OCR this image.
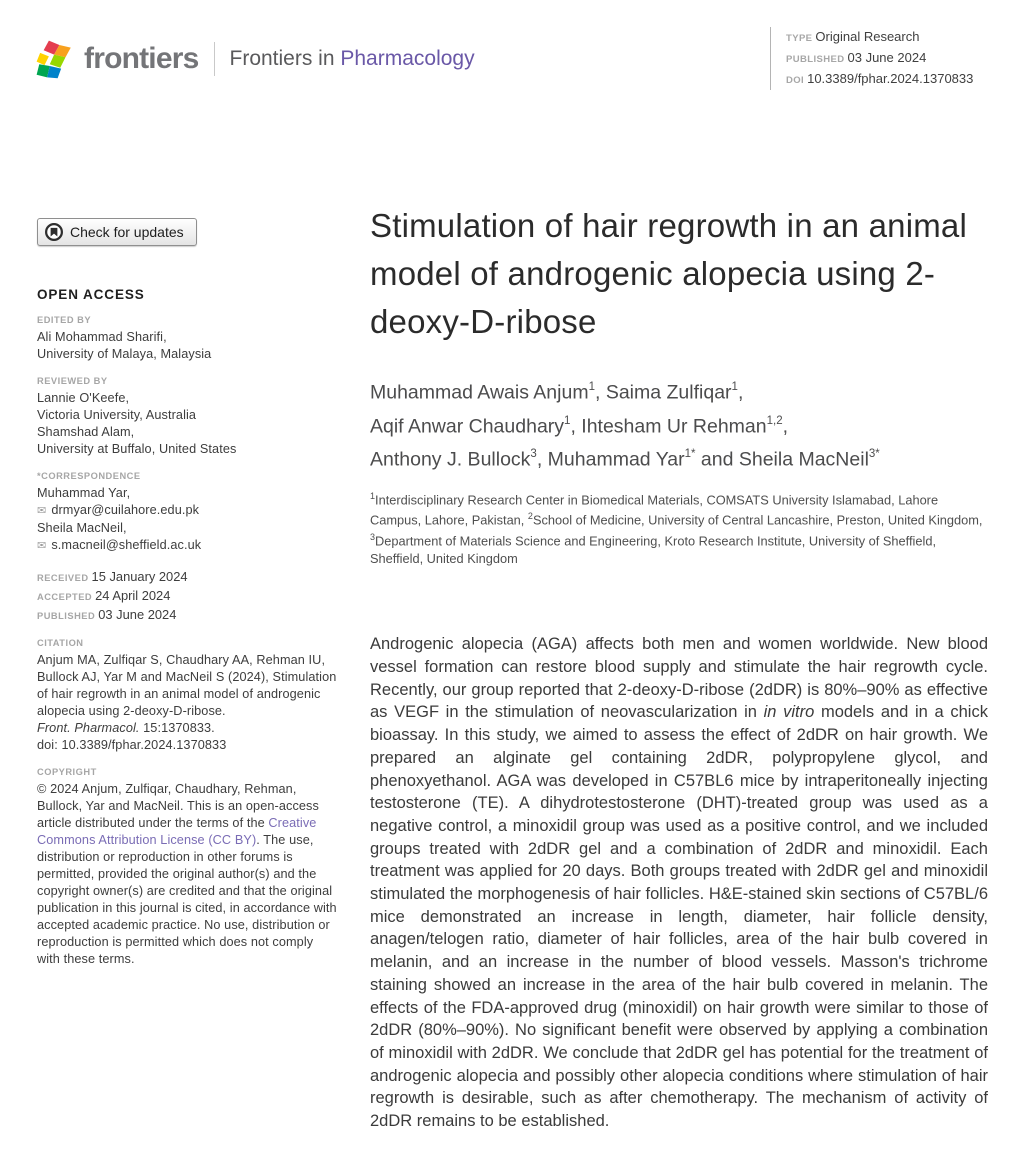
frontiers Frontiers in Pharmacology
TYPE Original Research
PUBLISHED 03 June 2024
DOI 10.3389/fphar.2024.1370833
Check for updates
OPEN ACCESS
EDITED BY
Ali Mohammad Sharifi,
University of Malaya, Malaysia
REVIEWED BY
Lannie O'Keefe,
Victoria University, Australia
Shamshad Alam,
University at Buffalo, United States
*CORRESPONDENCE
Muhammad Yar,
✉ drmyar@cuilahore.edu.pk
Sheila MacNeil,
✉ s.macneil@sheffield.ac.uk
RECEIVED 15 January 2024
ACCEPTED 24 April 2024
PUBLISHED 03 June 2024
CITATION
Anjum MA, Zulfiqar S, Chaudhary AA, Rehman IU, Bullock AJ, Yar M and MacNeil S (2024), Stimulation of hair regrowth in an animal model of androgenic alopecia using 2-deoxy-D-ribose.
Front. Pharmacol. 15:1370833.
doi: 10.3389/fphar.2024.1370833
COPYRIGHT
© 2024 Anjum, Zulfiqar, Chaudhary, Rehman, Bullock, Yar and MacNeil. This is an open-access article distributed under the terms of the Creative Commons Attribution License (CC BY). The use, distribution or reproduction in other forums is permitted, provided the original author(s) and the copyright owner(s) are credited and that the original publication in this journal is cited, in accordance with accepted academic practice. No use, distribution or reproduction is permitted which does not comply with these terms.
Stimulation of hair regrowth in an animal model of androgenic alopecia using 2-deoxy-D-ribose
Muhammad Awais Anjum$^1$, Saima Zulfiqar$^1$,
Aqif Anwar Chaudhary$^1$, Ihtesham Ur Rehman$^{1,2}$,
Anthony J. Bullock$^3$, Muhammad Yar$^{1*}$ and Sheila MacNeil$^{3*}$

$^1$Interdisciplinary Research Center in Biomedical Materials, COMSATS University Islamabad, Lahore Campus, Lahore, Pakistan, $^2$School of Medicine, University of Central Lancashire, Preston, United Kingdom, $^3$Department of Materials Science and Engineering, Kroto Research Institute, University of Sheffield, Sheffield, United Kingdom

Androgenic alopecia (AGA) affects both men and women worldwide. New blood vessel formation can restore blood supply and stimulate the hair regrowth cycle. Recently, our group reported that 2-deoxy-D-ribose (2dDR) is 80%–90% as effective as VEGF in the stimulation of neovascularization in in vitro models and in a chick bioassay. In this study, we aimed to assess the effect of 2dDR on hair growth. We prepared an alginate gel containing 2dDR, polypropylene glycol, and phenoxyethanol. AGA was developed in C57BL6 mice by intraperitoneally injecting testosterone (TE). A dihydrotestosterone (DHT)-treated group was used as a negative control, a minoxidil group was used as a positive control, and we included groups treated with 2dDR gel and a combination of 2dDR and minoxidil. Each treatment was applied for 20 days. Both groups treated with 2dDR gel and minoxidil stimulated the morphogenesis of hair follicles. H&E-stained skin sections of C57BL/6 mice demonstrated an increase in length, diameter, hair follicle density, anagen/telogen ratio, diameter of hair follicles, area of the hair bulb covered in melanin, and an increase in the number of blood vessels. Masson's trichrome staining showed an increase in the area of the hair bulb covered in melanin. The effects of the FDA-approved drug (minoxidil) on hair growth were similar to those of 2dDR (80%–90%). No significant benefit were observed by applying a combination of minoxidil with 2dDR. We conclude that 2dDR gel has potential for the treatment of androgenic alopecia and possibly other alopecia conditions where stimulation of hair regrowth is desirable, such as after chemotherapy. The mechanism of activity of 2dDR remains to be established.
